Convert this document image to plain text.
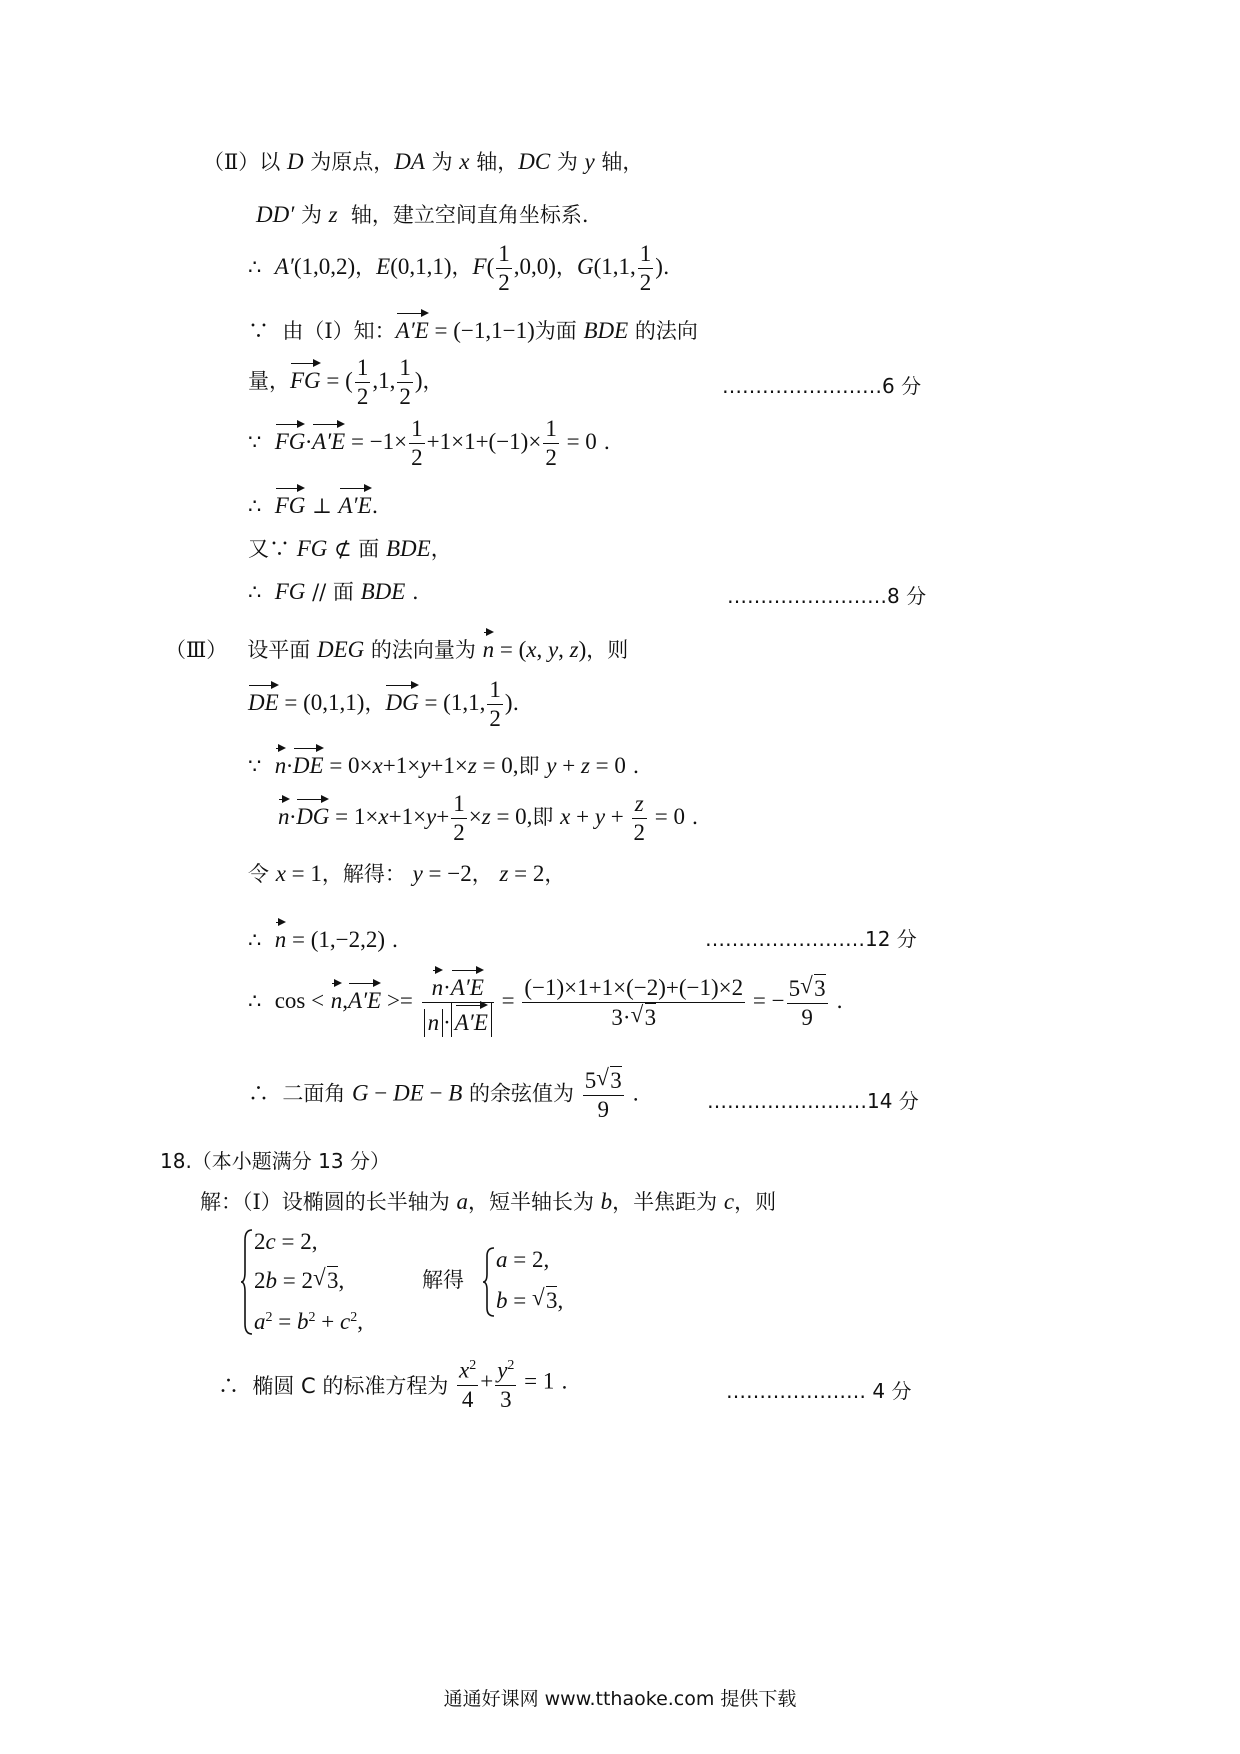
（Ⅱ）以 D 为原点，DA 为 x 轴，DC 为 y 轴，
DD′ 为 z  轴，建立空间直角坐标系.
∴  A′(1,0,2)，E(0,1,1)，$F( \frac{1}{2} ,0,0)$，G(1,1, $\frac{1}{2}$ ).
∵  由（Ⅰ）知：A′E = (−1,1−1)为面 BDE 的法向
量，FG = ( $\frac{1}{2} ,1$, $\frac{1}{2}$ )，	……………………6 分
∵  $FG\cdot A'E = -1\times \frac{1}{2} +1\times 1+(-1)\times \frac{1}{2} = 0$ .
∴  FG ⊥ A′E.
又∵ FG ⊄ 面 BDE，
∴  FG // 面 BDE .	……………………8 分
（Ⅲ）   设平面 DEG 的法向量为 n = (x, y, z)，则
DE = (0,1,1)，DG = (1,1, $\frac{1}{2}$ ).
∵  n·DE = 0×x+1×y+1×z = 0,即 y + z = 0 .
$n\cdot DG = 1\times x+1\times y+ \frac{1}{2} \times z = 0$,即 $x + y + \frac{z}{2} = 0$ .
令 x = 1，解得： y = −2， z = 2，
∴  n = (1,−2,2) .	……………………12 分
∴  $\cos < n,A'E >= \frac{n\cdot A'E}{n \cdot A'E} = \frac{(-1)\times 1+1\times(-2)+(-1)\times 2}{3\cdot √ 3}$ = − $\frac{5 √ 3}{9}$ .
∴  二面角 G − DE − B 的余弦值为 $\frac{5 √ 3}{9}$ .	……………………14 分
18.（本小题满分 13 分）
解：（Ⅰ）设椭圆的长半轴为 a，短半轴长为 b，半焦距为 c，则
2c = 2,
2b = 2 √ 3,
$a^2 = b^2 + c^2$,
解得
a = 2,
b = √ 3,
∴  椭圆 C 的标准方程为 $\frac{x^2}{4} + \frac{y^2}{3} = 1$ .	………………… 4 分
通通好课网 www.tthaoke.com 提供下载
